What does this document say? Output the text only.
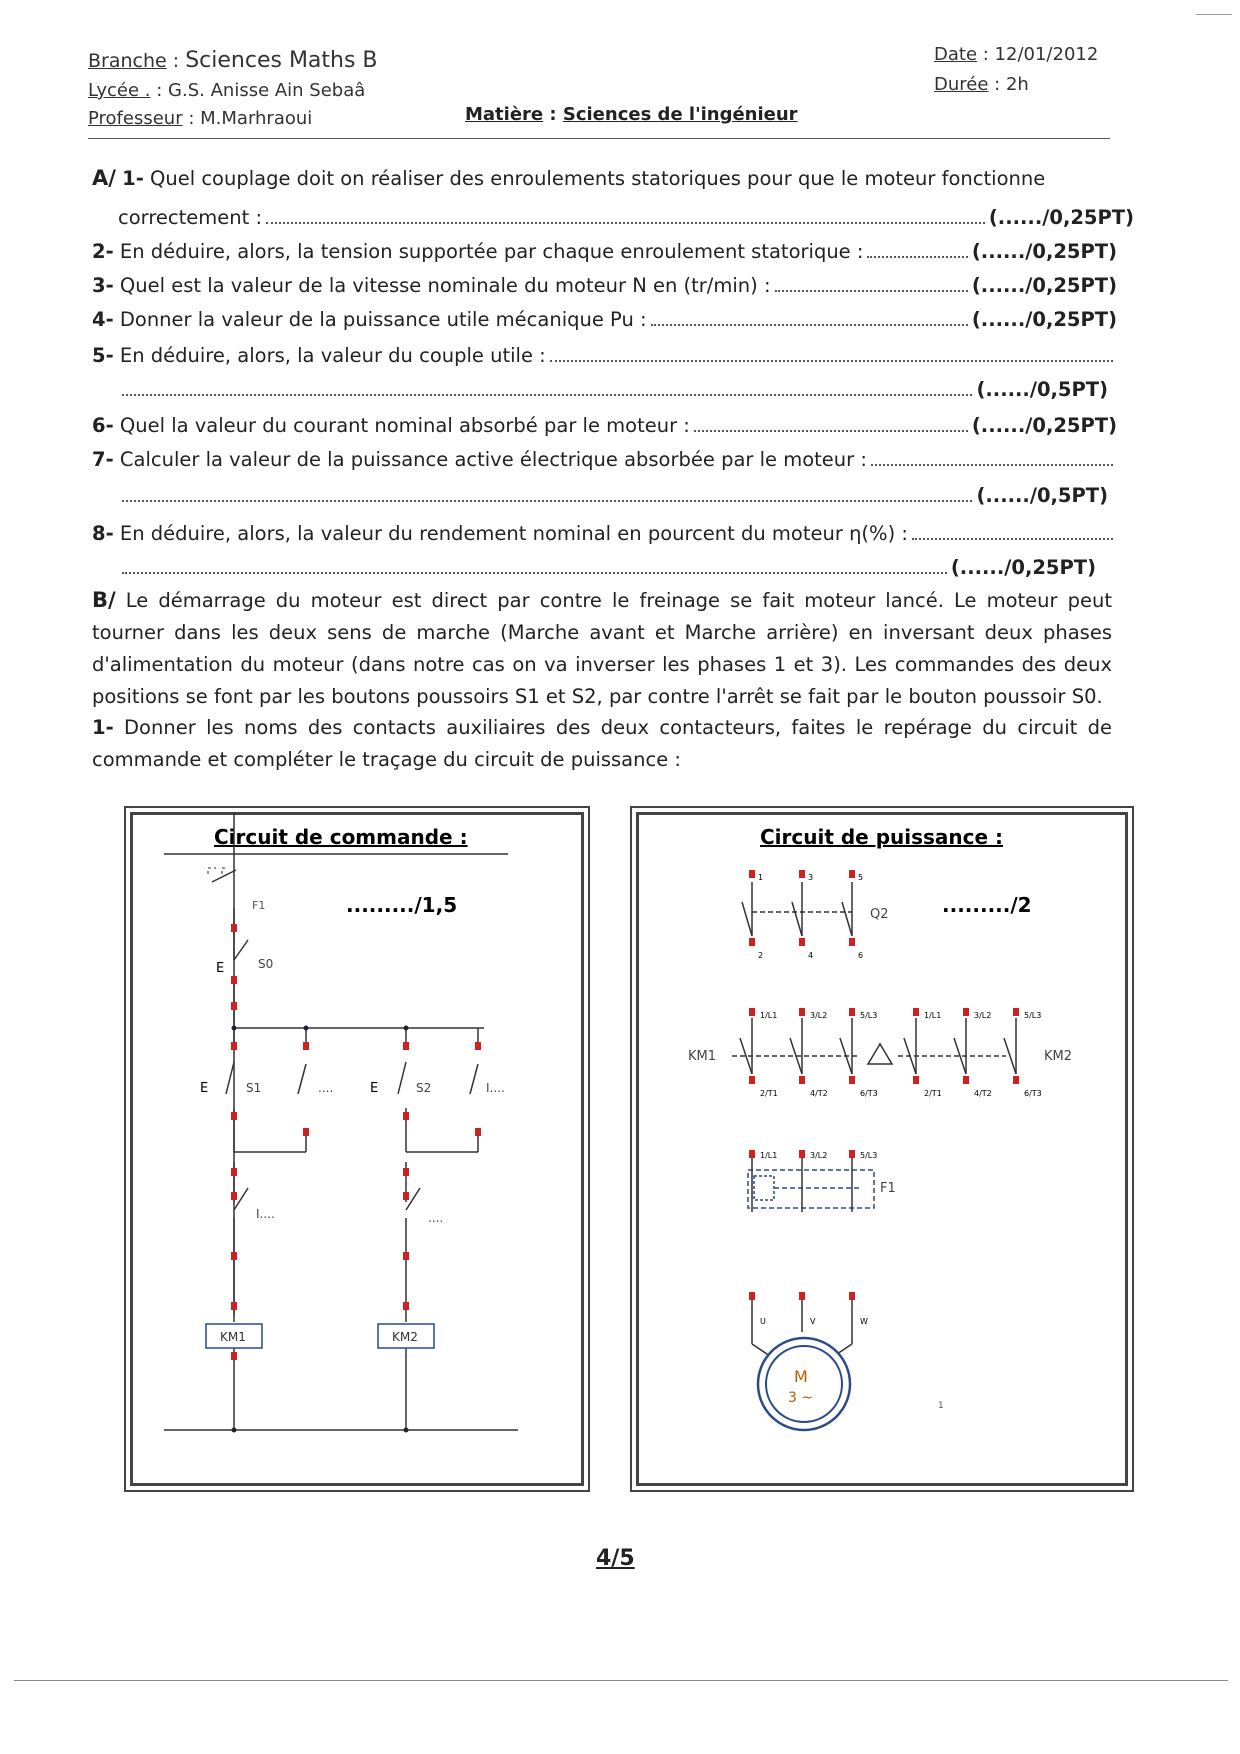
Branche : Sciences Maths B
Lycée . : G.S. Anisse Ain Sebaâ
Professeur : M.Marhraoui	Matière : Sciences de l'ingénieur
Date : 12/01/2012
Durée : 2h
A/ 1- Quel couplage doit on réaliser des enroulements statoriques pour que le moteur fonctionne
correctement :	(....../0,25PT)
2-
En déduire, alors, la tension supportée par chaque enroulement statorique :	(....../0,25PT)
3-
Quel est la valeur de la vitesse nominale du moteur N en (tr/min) :	(....../0,25PT)
4-
Donner la valeur de la puissance utile mécanique Pu :	(....../0,25PT)
5-
En déduire, alors, la valeur du couple utile :
(....../0,5PT)
6-
Quel la valeur du courant nominal absorbé par le moteur :	(....../0,25PT)
7-
Calculer la valeur de la puissance active électrique absorbée par le moteur :
(....../0,5PT)
8-
En déduire, alors, la valeur du rendement nominal en pourcent du moteur η(%) :
(....../0,25PT)
B/ Le démarrage du moteur est direct par contre le freinage se fait moteur lancé. Le moteur peut tourner dans les deux sens de marche (Marche avant et Marche arrière) en inversant deux phases d'alimentation du moteur (dans notre cas on va inverser les phases 1 et 3). Les commandes des deux positions se font par les boutons poussoirs S1 et S2, par contre l'arrêt se fait par le bouton poussoir S0.
1- Donner les noms des contacts auxiliaires des deux contacteurs, faites le repérage du circuit de commande et compléter le traçage du circuit de puissance :
Circuit de commande :
F1	........./1,5
E	S0
E	S1	....	E	S2	I....
I....	....
KM1	KM2
Circuit de puissance :
........./2
1	3	5
2	4	6
Q2
KM1	KM2
1/L1	3/L2	5/L3
2/T1	4/T2	6/T3
1/L1	3/L2	5/L3
2/T1	4/T2	6/T3
1/L1	3/L2	5/L3
F1
U	V	W
M
3 ~	1
4/5
